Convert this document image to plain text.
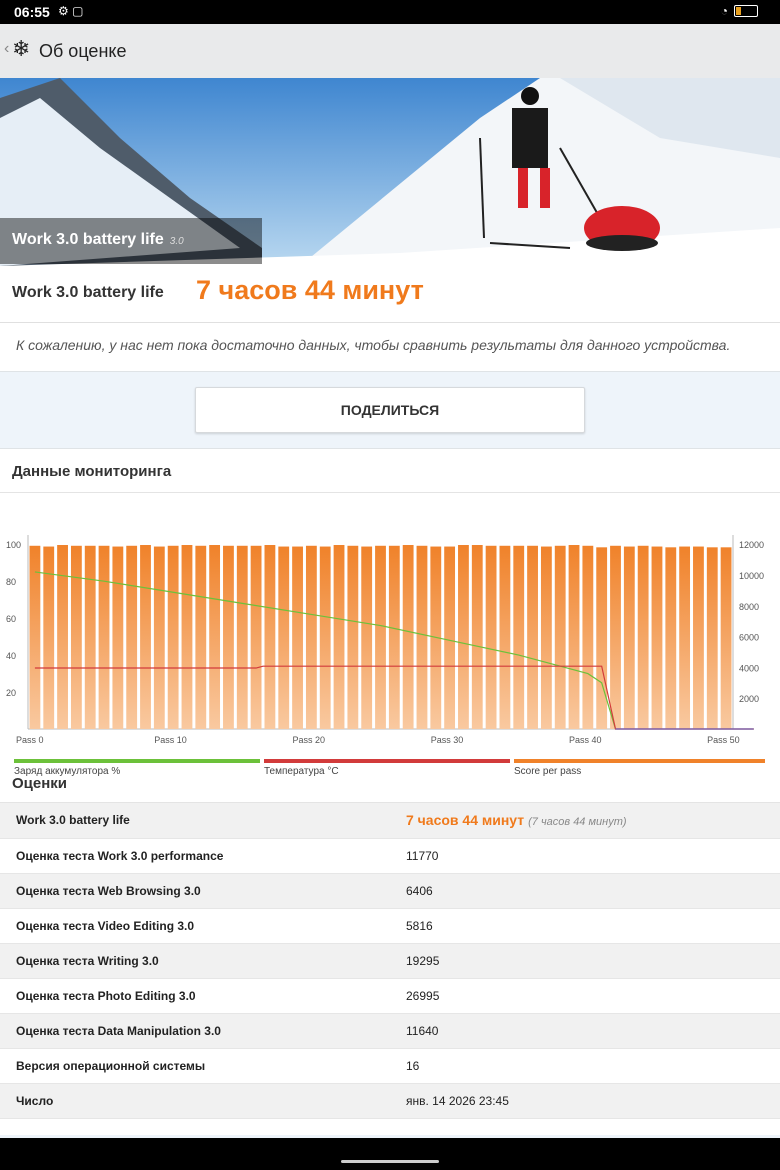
06:55 ⚙ ▢	◔	18
‹ ❄ Об оценке
Work 3.0 battery life 3.0
Work 3.0 battery life 7 часов 44 минут
К сожалению, у нас нет пока достаточно данных, чтобы сравнить результаты для данного устройства.
ПОДЕЛИТЬСЯ
Данные мониторинга
20
40
60
80
100
2000
4000
6000
8000
10000
12000
Pass 0	Pass 10	Pass 20	Pass 30	Pass 40	Pass 50
Заряд аккумулятора %	Температура °C	Score per pass
Оценки
Work 3.0 battery life	7 часов 44 минут (7 часов 44 минут)
Оценка теста Work 3.0 performance	11770
Оценка теста Web Browsing 3.0	6406
Оценка теста Video Editing 3.0	5816
Оценка теста Writing 3.0	19295
Оценка теста Photo Editing 3.0	26995
Оценка теста Data Manipulation 3.0	11640
Версия операционной системы	16
Число	янв. 14 2026 23:45
